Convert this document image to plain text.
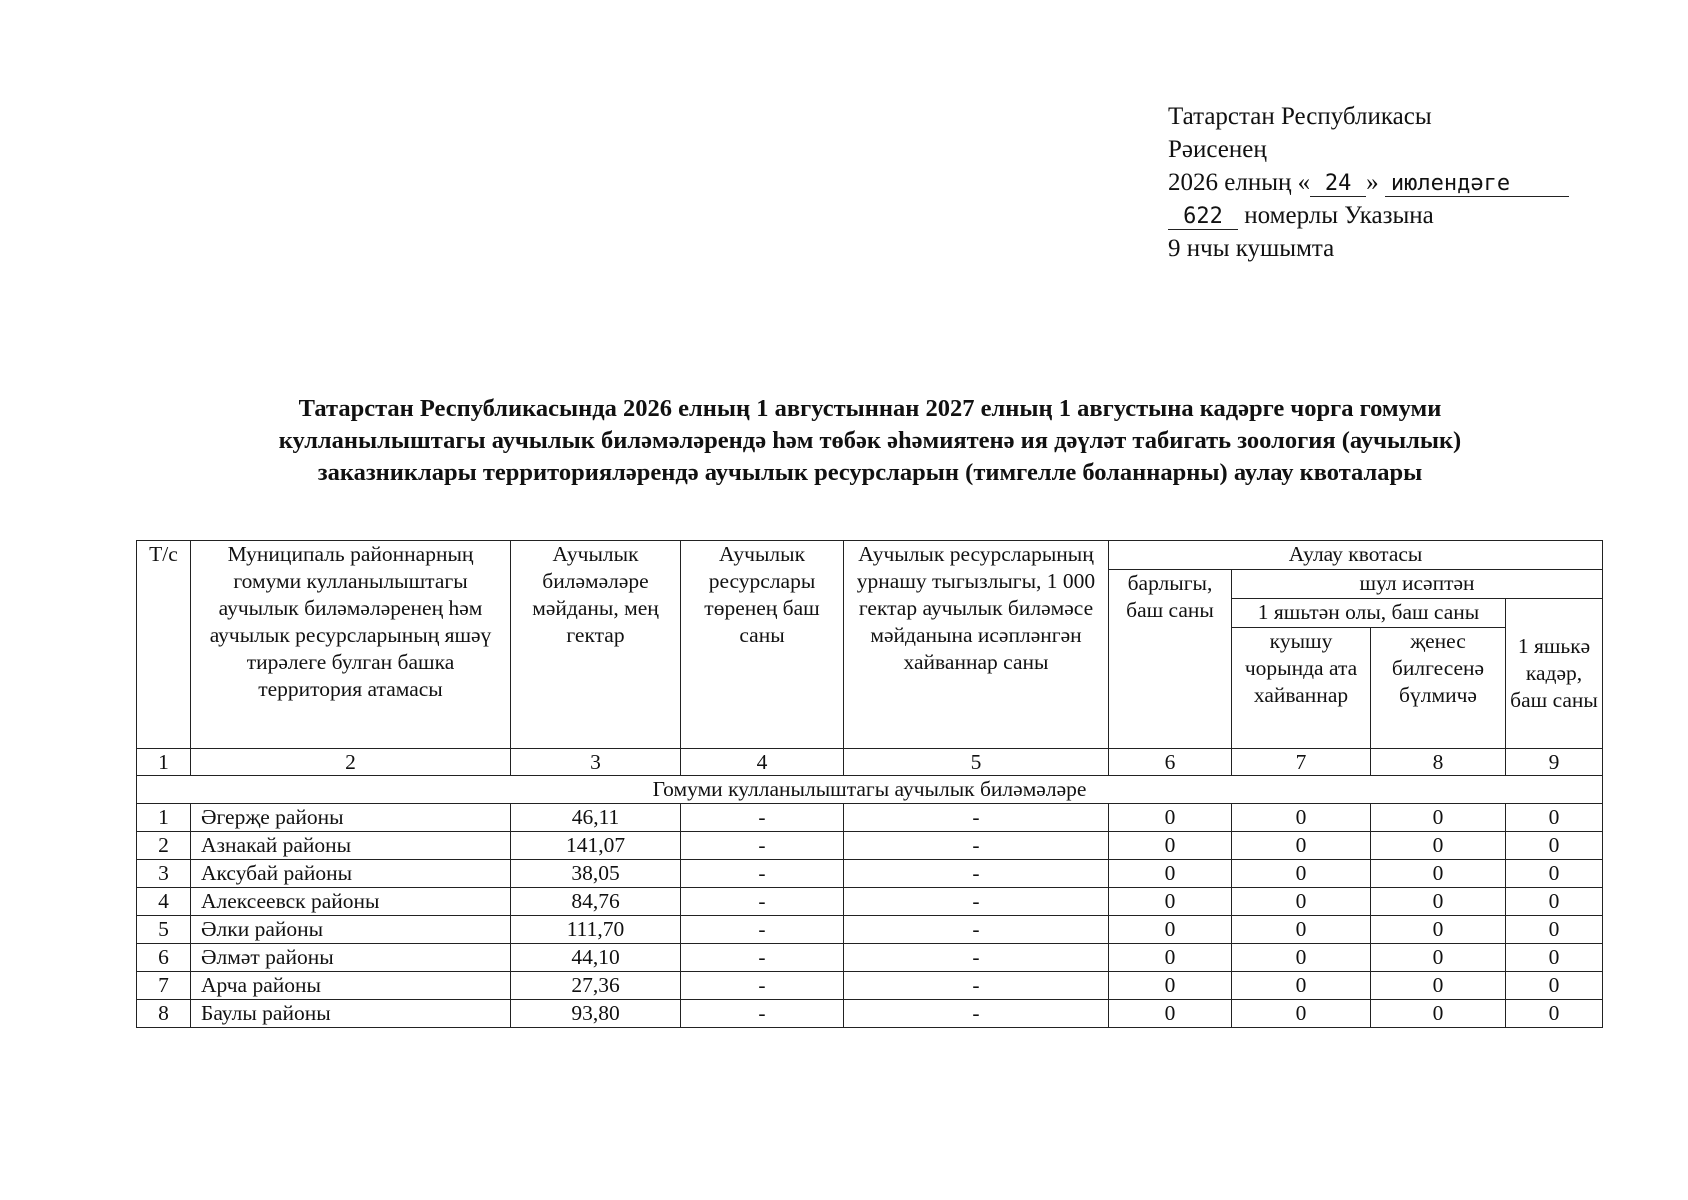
Татарстан Республикасы
Рәисенең
2026 елның « 24 » июлендәге
622 номерлы Указына
9 нчы кушымта
Татарстан Республикасында 2026 елның 1 августыннан 2027 елның 1 августына кадәрге чорга гомуми
кулланылыштагы аучылык биләмәләрендә һәм төбәк әһәмиятенә ия дәүләт табигать зоология (аучылык)
заказниклары территорияләрендә аучылык ресурсларын (тимгелле боланнарны) аулау квоталары
Т/с	Муниципаль районнарның гомуми кулланылыштагы аучылык биләмәләренең һәм аучылык ресурсларының яшәү тирәлеге булган башка территория атамасы	Аучылык биләмәләре мәйданы, мең гектар	Аучылык ресурслары төренең баш саны	Аучылык ресурсларының урнашу тыгызлыгы, 1 000 гектар аучылык биләмәсе мәйданына исәпләнгән хайваннар саны	Аулау квотасы			
					барлыгы, баш саны	шул исәптән		
						1 яшьтән олы, баш саны		1 яшькә кадәр, баш саны
						куышу чорында ата хайваннар	җенес билгесенә бүлмичә	
1	2	3	4	5	6	7	8	9
Гомуми кулланылыштагы аучылык биләмәләре								
1	Әгерҗе районы	46,11	-	-	0	0	0	0
2	Азнакай районы	141,07	-	-	0	0	0	0
3	Аксубай районы	38,05	-	-	0	0	0	0
4	Алексеевск районы	84,76	-	-	0	0	0	0
5	Әлки районы	111,70	-	-	0	0	0	0
6	Әлмәт районы	44,10	-	-	0	0	0	0
7	Арча районы	27,36	-	-	0	0	0	0
8	Баулы районы	93,80	-	-	0	0	0	0
